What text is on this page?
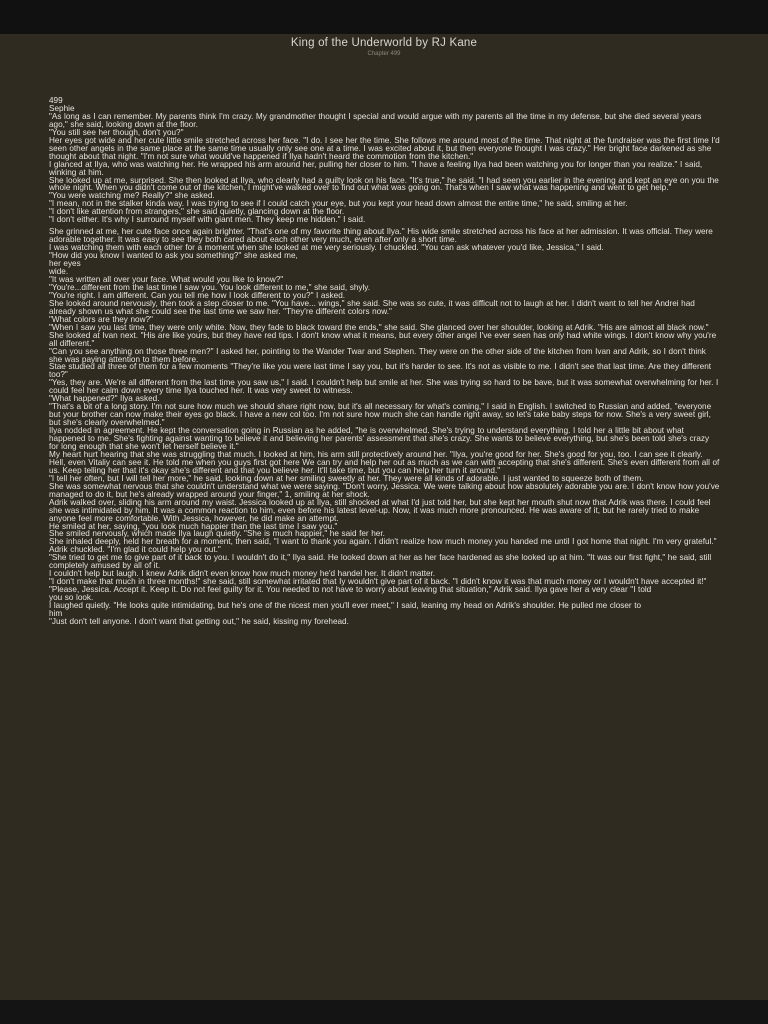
King of the Underworld by RJ Kane
Chapter 499

499

Sephie

"As long as I can remember. My parents think I'm crazy. My grandmother thought I special and would argue with my parents all the time in my defense, but she died several years ago," she said, looking down at the floor.

"You still see her though, don't you?"

Her eyes got wide and her cute little smile stretched across her face. "I do. I see her the time. She follows me around most of the time. That night at the fundraiser was the first time I'd seen other angels in the same place at the same time usually only see one at a time. I was excited about it, but then everyone thought I was crazy." Her bright face darkened as she thought about that night. "I'm not sure what would've happened if Ilya hadn't heard the commotion from the kitchen."

I glanced at Ilya, who was watching her. He wrapped his arm around her, pulling her closer to him. "I have a feeling Ilya had been watching you for longer than you realize." I said, winking at him.

She looked up at me, surprised. She then looked at Ilya, who clearly had a guilty look on his face. "It's true," he said. "I had seen you earlier in the evening and kept an eye on you the whole night. When you didn't come out of the kitchen, I might've walked over to find out what was going on. That's when I saw what was happening and went to get help."

"You were watching me? Really?" she asked.

"I mean, not in the stalker kinda way. I was trying to see if I could catch your eye, but you kept your head down almost the entire time," he said, smiling at her.

"I don't like attention from strangers," she said quietly, glancing down at the floor.

"I don't either. It's why I surround myself with giant men. They keep me hidden." I said.

She grinned at me, her cute face once again brighter. "That's one of my favorite thing about Ilya." His wide smile stretched across his face at her admission. It was official. They were adorable together. It was easy to see they both cared about each other very much, even after only a short time.

I was watching them with each other for a moment when she looked at me very seriously. I chuckled. "You can ask whatever you'd like, Jessica," I said.

"How did you know I wanted to ask you something?" she asked me,

her eyes

wide.

"It was written all over your face. What would you like to know?"

"You're...different from the last time I saw you. You look different to me," she said, shyly.

"You're right. I am different. Can you tell me how I look different to you?" I asked.

She looked around nervously, then took a step closer to me. "You have... wings," she said. She was so cute, it was difficult not to laugh at her. I didn't want to tell her Andrei had already shown us what she could see the last time we saw her. "They're different colors now."

"What colors are they now?"

"When I saw you last time, they were only white. Now, they fade to black toward the ends," she said. She glanced over her shoulder, looking at Adrik. "His are almost all black now." She looked at Ivan next. "His are like yours, but they have red tips. I don't know what it means, but every other angel I've ever seen has only had white wings. I don't know why you're all different."

"Can you see anything on those three men?" I asked her, pointing to the Wander Twar and Stephen. They were on the other side of the kitchen from Ivan and Adrik, so I don't think she was paying attention to them before.

Stae studied all three of them for a few moments "They're like you were last time I say you, but it's harder to see. It's not as visible to me. I didn't see that last time. Are they different too?"

"Yes, they are. We're all different from the last time you saw us," I said. I couldn't help but smile at her. She was trying so hard to be bave, but it was somewhat overwhelming for her. I could feel her calm down every time Ilya touched her. It was very sweet to witness.

"What happened?" Ilya asked.

"That's a bit of a long story. I'm not sure how much we should share right now, but it's all necessary for what's coming," I said in English. I switched to Russian and added, "everyone but your brother can now make their eyes go black. I have a new col too. I'm not sure how much she can handle right away, so let's take baby steps for now. She's a very sweet girl, but she's clearly overwhelmed."

Ilya nodded in agreement. He kept the conversation going in Russian as he added, "he is overwhelmed. She's trying to understand everything. I told her a little bit about what happened to me. She's fighting against wanting to believe it and believing her parents' assessment that she's crazy. She wants to believe everything, but she's been told she's crazy for long enough that she won't let herself believe it."

My heart hurt hearing that she was struggling that much. I looked at him, his arm still protectively around her. "Ilya, you're good for her. She's good for you, too. I can see it clearly. Hell, even Vitaliy can see it. He told me when you guys first got here We can try and help her out as much as we can with accepting that she's different. She's even different from all of us. Keep telling her that it's okay she's different and that you believe her. It'll take time, but you can help her turn it around."

"I tell her often, but I will tell her more," he said, looking down at her smiling sweetly at her. They were all kinds of adorable. I just wanted to squeeze both of them.

She was somewhat nervous that she couldn't understand what we were saying. "Don't worry, Jessica. We were talking about how absolutely adorable you are. I don't know how you've managed to do it, but he's already wrapped around your finger," 1, smiling at her shock.

Adrik walked over, sliding his arm around my waist. Jessica looked up at Ilya, still shocked at what I'd just told her, but she kept her mouth shut now that Adrik was there. I could feel she was intimidated by him. It was a common reaction to him, even before his latest level-up. Now, it was much more pronounced. He was aware of it, but he rarely tried to make anyone feel more comfortable. With Jessica, however, he did make an attempt.

He smiled at her, saying, "you look much happier than the last time I saw you."

She smiled nervously, which made Ilya laugh quietly. "She is much happier," he said fer her.

She inhaled deeply, held her breath for a moment, then said, "I want to thank you again. I didn't realize how much money you handed me until I got home that night. I'm very grateful."

Adrik chuckled. "I'm glad it could help you out."

"She tried to get me to give part of it back to you. I wouldn't do it," Ilya said. He looked down at her as her face hardened as she looked up at him. "It was our first fight," he said, still completely amused by all of it.

I couldn't help but laugh. I knew Adrik didn't even know how much money he'd handel her. It didn't matter.

"I don't make that much in three months!" she said, still somewhat irritated that Iy wouldn't give part of it back. "I didn't know it was that much money or I wouldn't have accepted it!"

"Please, Jessica. Accept it. Keep it. Do not feel guilty for it. You needed to not have to worry about leaving that situation," Adrik said. Ilya gave her a very clear "I told

you so look.

I laughed quietly. "He looks quite intimidating, but he's one of the nicest men you'll ever meet," I said, leaning my head on Adrik's shoulder. He pulled me closer to

him

"Just don't tell anyone. I don't want that getting out," he said, kissing my forehead.
